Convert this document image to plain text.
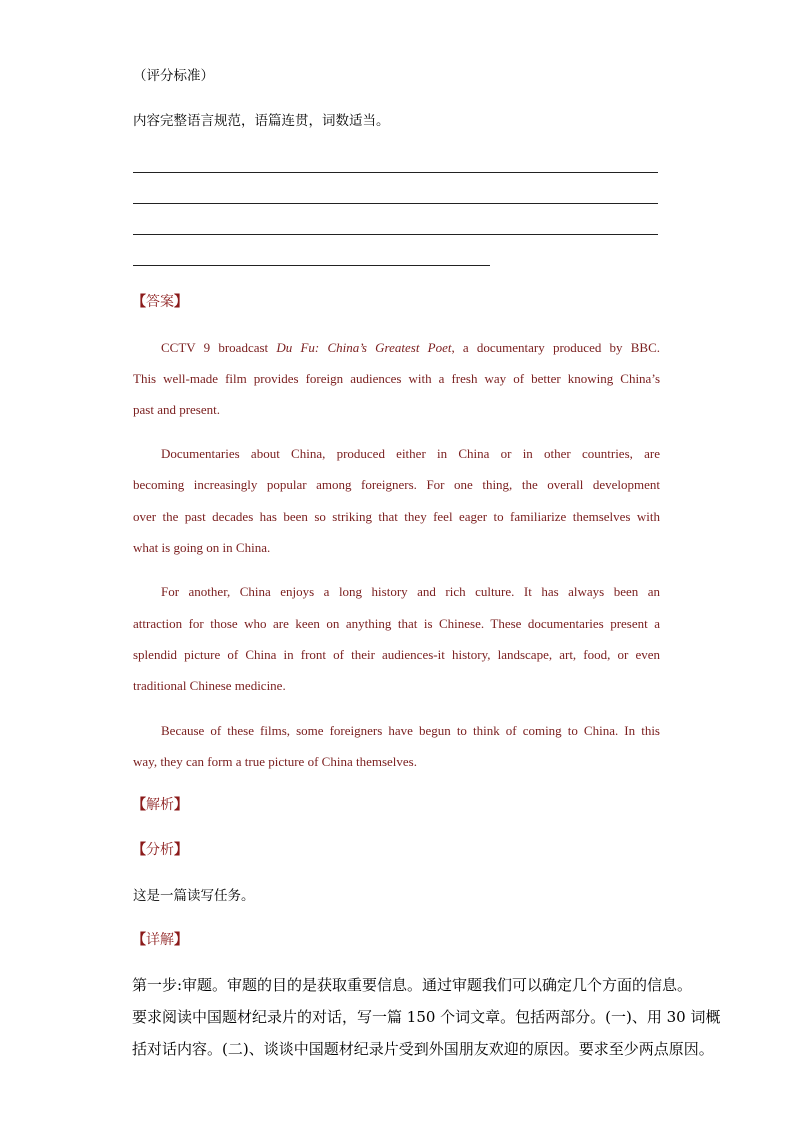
（评分标准）
内容完整语言规范，语篇连贯，词数适当。
【答案】
CCTV 9 broadcast Du Fu: China’s Greatest Poet, a documentary produced by BBC.
This well-made film provides foreign audiences with a fresh way of better knowing China’s
past and present.
Documentaries about China, produced either in China or in other countries, are
becoming increasingly popular among foreigners. For one thing, the overall development
over the past decades has been so striking that they feel eager to familiarize themselves with
what is going on in China.
For another, China enjoys a long history and rich culture. It has always been an
attraction for those who are keen on anything that is Chinese. These documentaries present a
splendid picture of China in front of their audiences-it history, landscape, art, food, or even
traditional Chinese medicine.
Because of these films, some foreigners have begun to think of coming to China. In this
way, they can form a true picture of China themselves.
【解析】
【分析】
这是一篇读写任务。
【详解】
第一步:审题。审题的目的是获取重要信息。通过审题我们可以确定几个方面的信息。
要求阅读中国题材纪录片的对话，写一篇 150 个词文章。包括两部分。(一)、用 30 词概
括对话内容。(二)、谈谈中国题材纪录片受到外国朋友欢迎的原因。要求至少两点原因。
